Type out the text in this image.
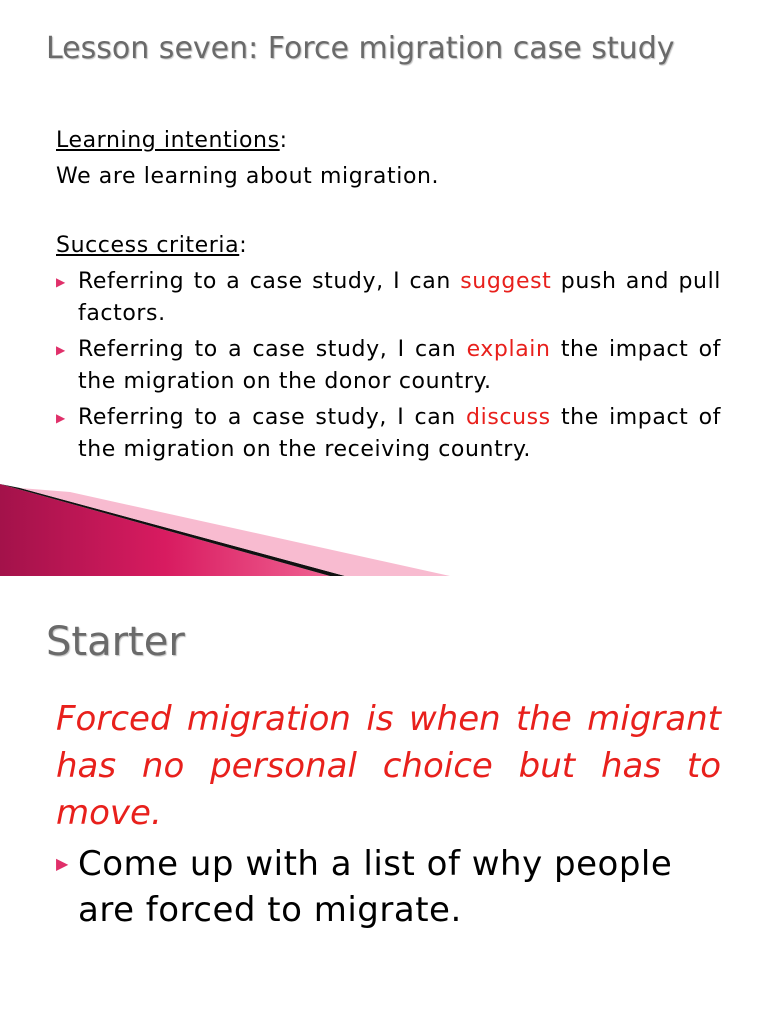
Lesson seven: Force migration case study
Learning intentions:
We are learning about migration.
Success criteria:
▶ Referring to a case study, I can suggest push and pull factors.
▶ Referring to a case study, I can explain the impact of the migration on the donor country.
▶ Referring to a case study, I can discuss the impact of the migration on the receiving country.
Starter

Forced migration is when the migrant has no personal choice but has to move.

▶ Come up with a list of why people are forced to migrate.
